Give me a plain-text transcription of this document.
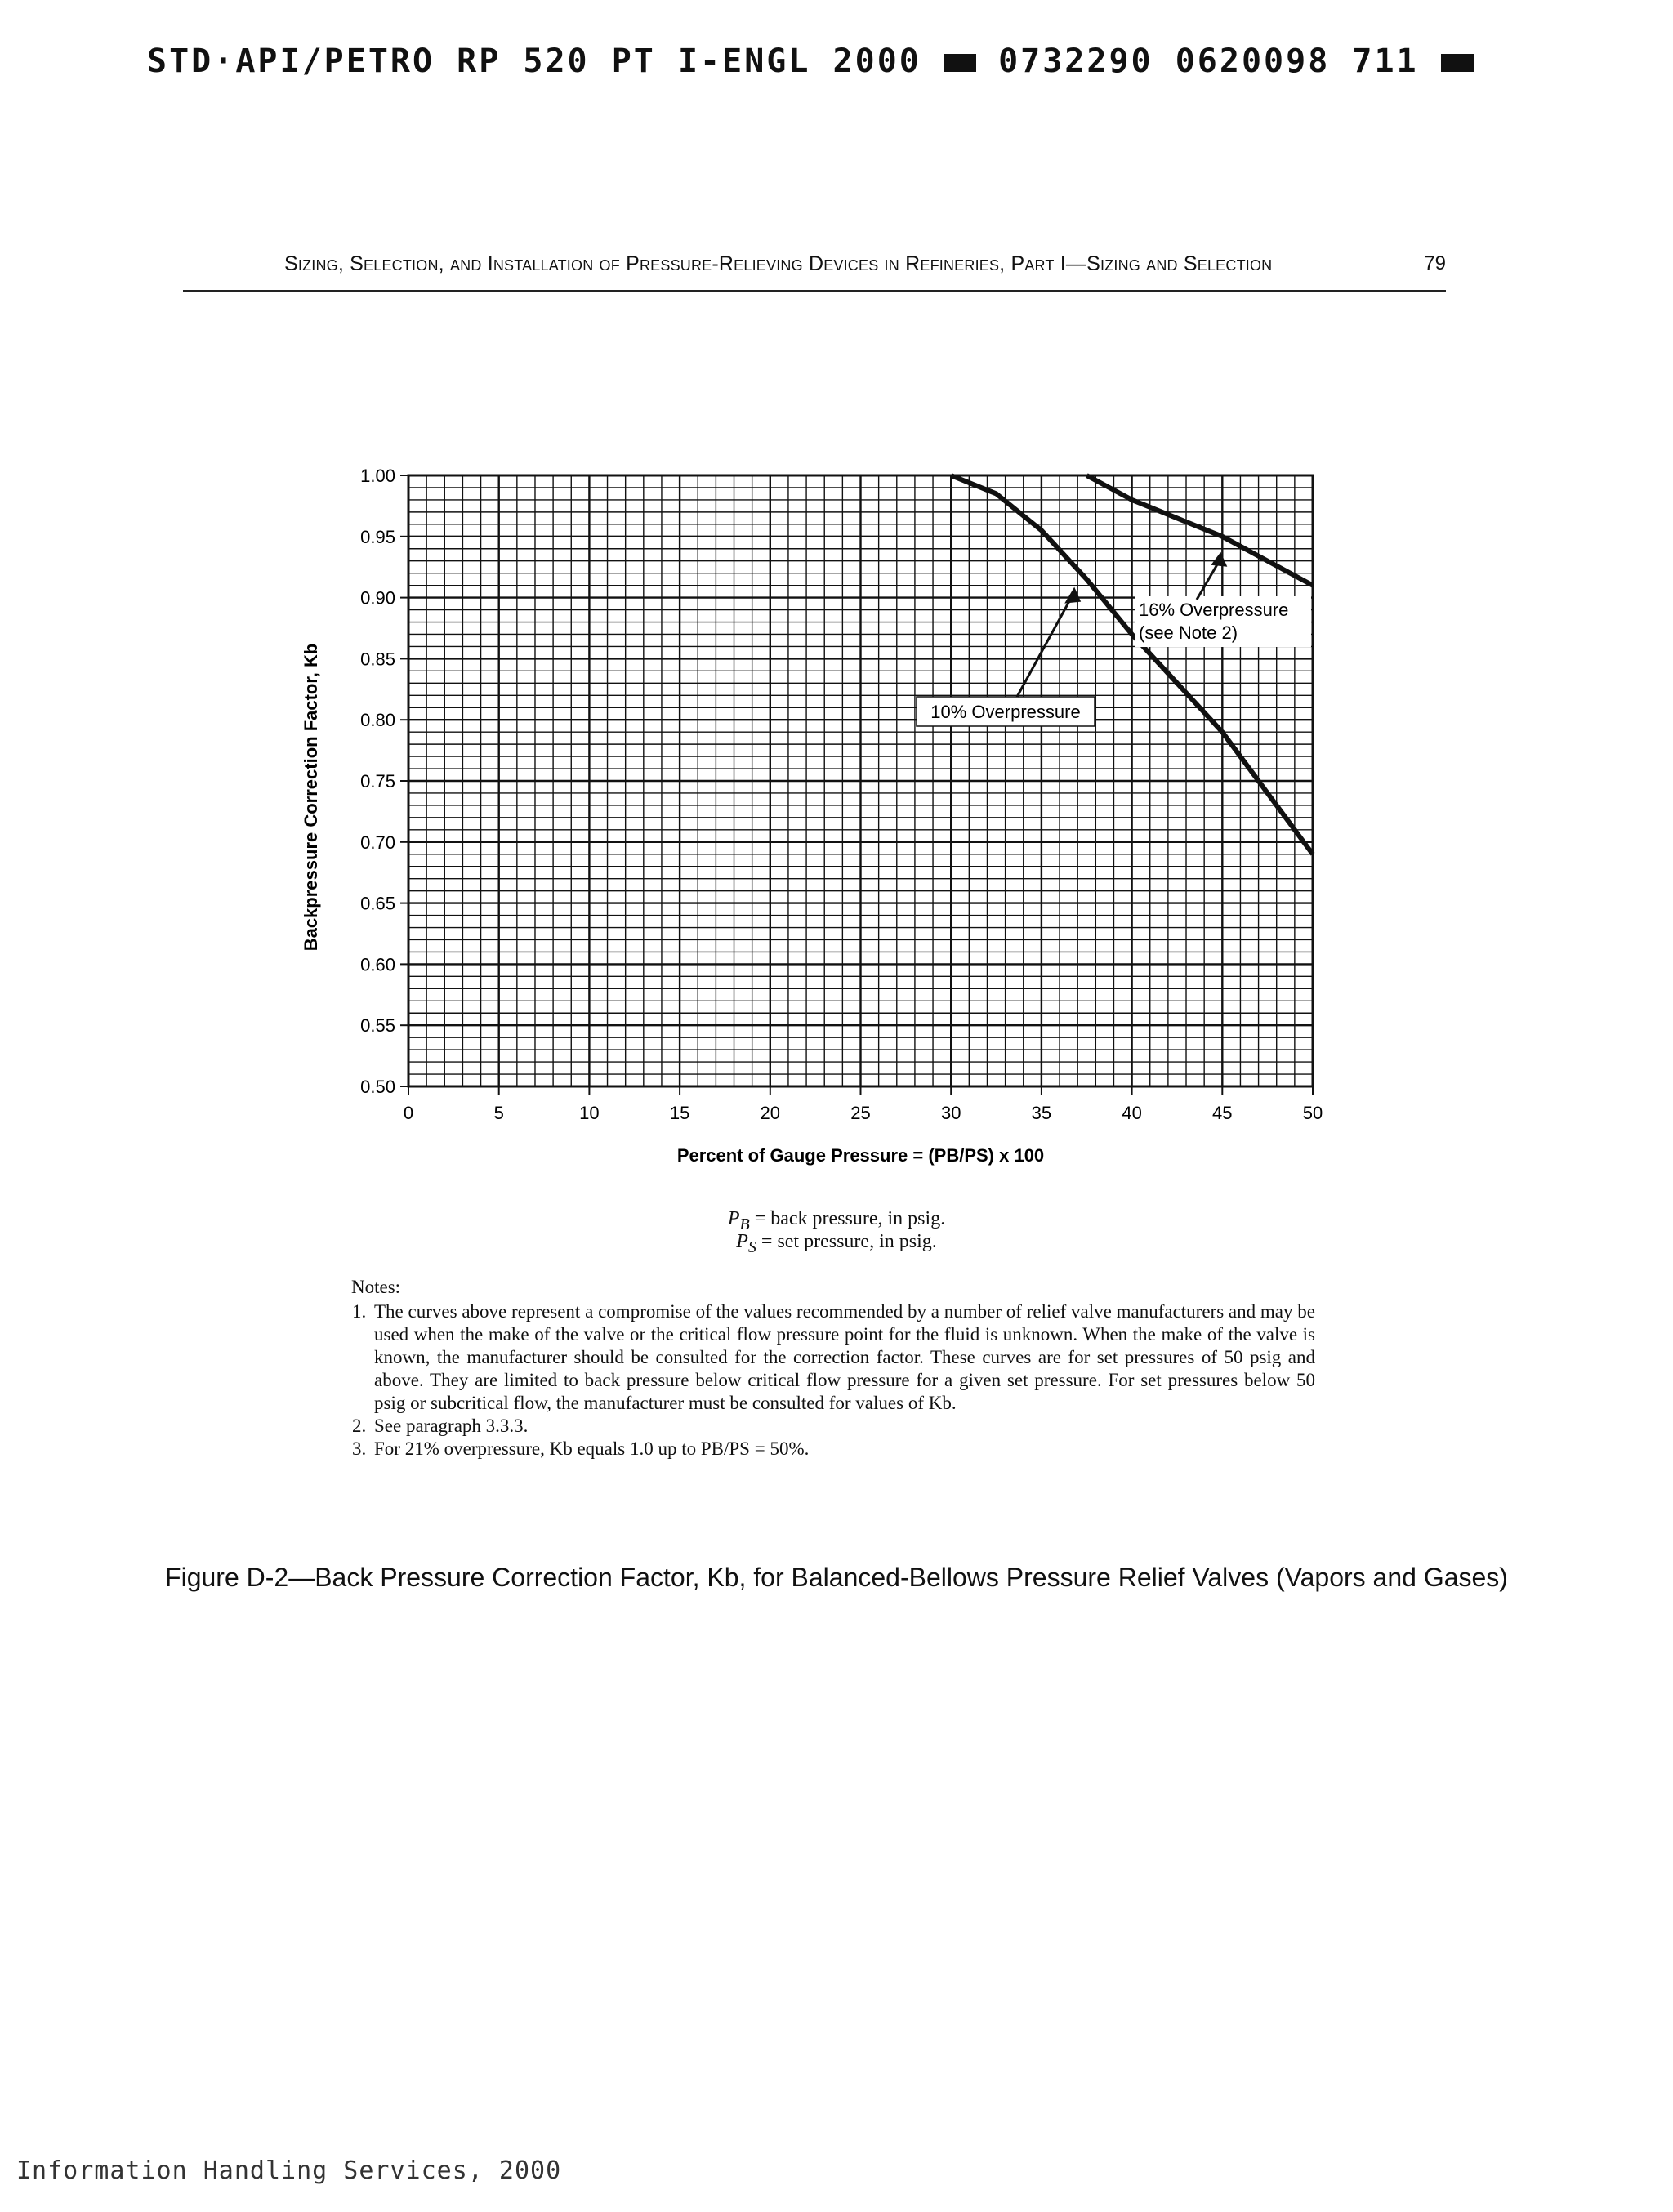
STD·API/PETRO RP 520 PT I-ENGL 2000 0732290 0620098 711
Sizing, Selection, and Installation of Pressure-Relieving Devices in Refineries, Part I—Sizing and Selection	79
0	5	10	15	20	25	30	35	40	45	50
1.00
0.95
0.90
0.85
0.80
0.75
0.70
0.65
0.60
0.55
0.50
10% Overpressure
16% Overpressure
(see Note 2)
Percent of Gauge Pressure = (PB/PS) x 100
Backpressure Correction Factor, Kb
$P_B$ = back pressure, in psig.
$P_S$ = set pressure, in psig.
Notes:
1. The curves above represent a compromise of the values recommended by a number of relief valve manufacturers and may be used when the make of the valve or the critical flow pressure point for the fluid is unknown. When the make of the valve is known, the manufacturer should be consulted for the correction factor. These curves are for set pressures of 50 psig and above. They are limited to back pressure below critical flow pressure for a given set pressure. For set pressures below 50 psig or subcritical flow, the manufacturer must be consulted for values of Kb.
2. See paragraph 3.3.3.
3. For 21% overpressure, Kb equals 1.0 up to PB/PS = 50%.
Figure D-2—Back Pressure Correction Factor, Kb, for Balanced-Bellows Pressure Relief Valves (Vapors and Gases)
Information Handling Services, 2000
